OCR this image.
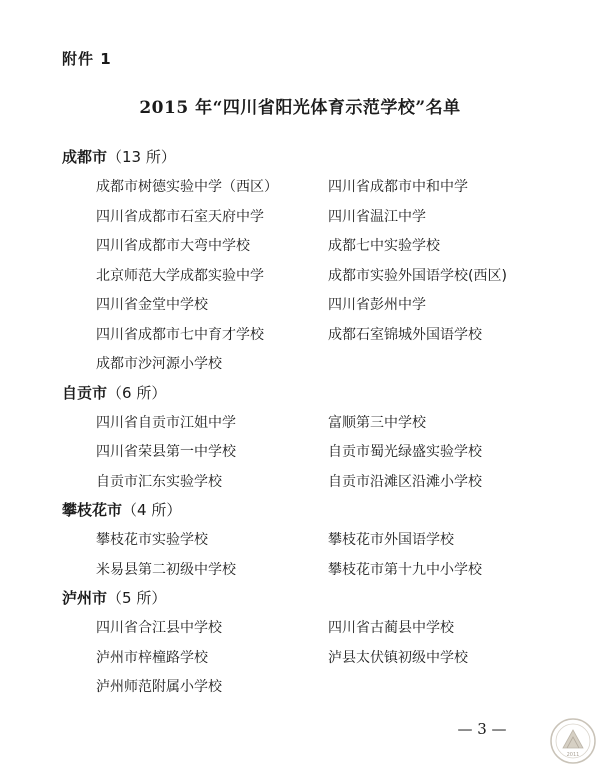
附件 1
2015 年“四川省阳光体育示范学校”名单
成都市（13 所）
成都市树德实验中学（西区）	四川省成都市中和中学
四川省成都市石室天府中学	四川省温江中学
四川省成都市大弯中学校	成都七中实验学校
北京师范大学成都实验中学	成都市实验外国语学校(西区)
四川省金堂中学校	四川省彭州中学
四川省成都市七中育才学校	成都石室锦城外国语学校
成都市沙河源小学校
自贡市（6 所）
四川省自贡市江姐中学	富顺第三中学校
四川省荣县第一中学校	自贡市蜀光绿盛实验学校
自贡市汇东实验学校	自贡市沿滩区沿滩小学校
攀枝花市（4 所）
攀枝花市实验学校	攀枝花市外国语学校
米易县第二初级中学校	攀枝花市第十九中小学校
泸州市（5 所）
四川省合江县中学校	四川省古蔺县中学校
泸州市梓橦路学校	泸县太伏镇初级中学校
泸州师范附属小学校
— 3 —
2011
